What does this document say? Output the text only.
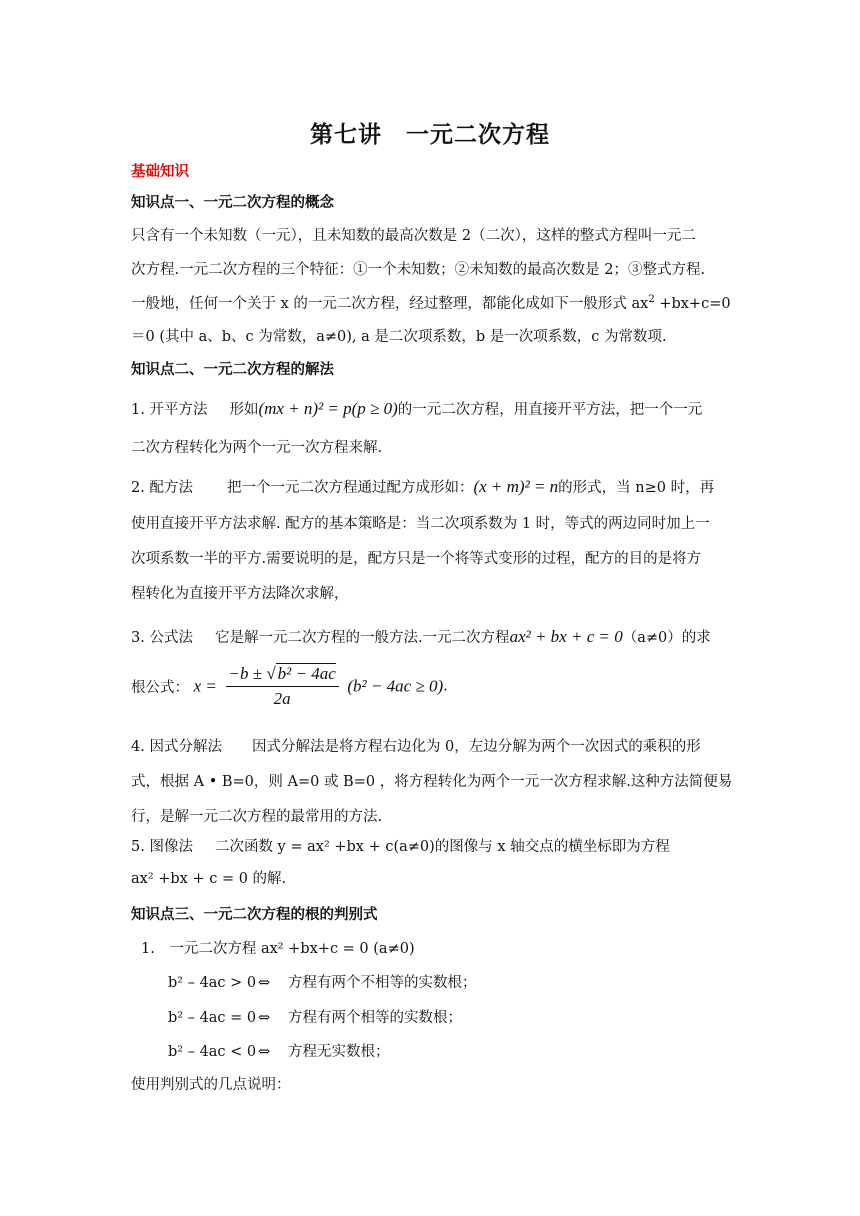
第七讲　一元二次方程
基础知识
知识点一、一元二次方程的概念
只含有一个未知数（一元），且未知数的最高次数是 2（二次），这样的整式方程叫一元二
次方程.一元二次方程的三个特征：①一个未知数；②未知数的最高次数是 2；③整式方程.
一般地，任何一个关于 x 的一元二次方程，经过整理，都能化成如下一般形式 $ax^2 +bx+c=0$
＝0 (其中 a、b、c 为常数，a≠0), a 是二次项系数，b 是一次项系数，c 为常数项.
知识点二、一元二次方程的解法
1. 开平方法 形如(mx + n)² = p(p ≥ 0)的一元二次方程，用直接开平方法，把一个一元
二次方程转化为两个一元一次方程来解.
2. 配方法 把一个一元二次方程通过配方成形如：(x + m)² = n的形式，当 n≥0 时，再
使用直接开平方法求解. 配方的基本策略是：当二次项系数为 1 时，等式的两边同时加上一
次项系数一半的平方.需要说明的是，配方只是一个将等式变形的过程，配方的目的是将方
程转化为直接开平方法降次求解，
3. 公式法 它是解一元二次方程的一般方法.一元二次方程ax² + bx + c = 0（a≠0）的求
根公式： $x = \frac{\text{−b ± √ b² − 4ac}}{2a} (b^2 - 4ac \ge 0)$.
4. 因式分解法 因式分解法是将方程右边化为 0，左边分解为两个一次因式的乘积的形
式，根据 A • B=0，则 A=0 或 B=0 ，将方程转化为两个一元一次方程求解.这种方法简便易
行，是解一元二次方程的最常用的方法.
5. 图像法 二次函数 y = ax² +bx + c(a≠0)的图像与 x 轴交点的横坐标即为方程
ax² +bx + c = 0 的解.
知识点三、一元二次方程的根的判别式
1.　一元二次方程 ax² +bx+c = 0 (a≠0)
b² – 4ac > 0 ⇔ 方程有两个不相等的实数根；
b² – 4ac = 0 ⇔ 方程有两个相等的实数根；
b² – 4ac < 0 ⇔ 方程无实数根；
使用判别式的几点说明：
